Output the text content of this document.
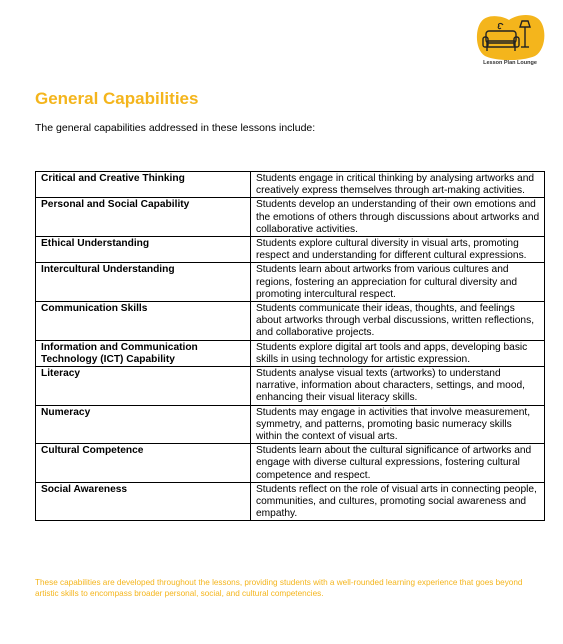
Lesson Plan Lounge
General Capabilities

The general capabilities addressed in these lessons include:

Critical and Creative Thinking	Students engage in critical thinking by analysing artworks and creatively express themselves through art-making activities.
Personal and Social Capability	Students develop an understanding of their own emotions and the emotions of others through discussions about artworks and collaborative activities.
Ethical Understanding	Students explore cultural diversity in visual arts, promoting respect and understanding for different cultural expressions.
Intercultural Understanding	Students learn about artworks from various cultures and regions, fostering an appreciation for cultural diversity and promoting intercultural respect.
Communication Skills	Students communicate their ideas, thoughts, and feelings about artworks through verbal discussions, written reflections, and collaborative projects.
Information and Communication Technology (ICT) Capability	Students explore digital art tools and apps, developing basic skills in using technology for artistic expression.
Literacy	Students analyse visual texts (artworks) to understand narrative, information about characters, settings, and mood, enhancing their visual literacy skills.
Numeracy	Students may engage in activities that involve measurement, symmetry, and patterns, promoting basic numeracy skills within the context of visual arts.
Cultural Competence	Students learn about the cultural significance of artworks and engage with diverse cultural expressions, fostering cultural competence and respect.
Social Awareness	Students reflect on the role of visual arts in connecting people, communities, and cultures, promoting social awareness and empathy.

These capabilities are developed throughout the lessons, providing students with a well-rounded learning experience that goes beyond artistic skills to encompass broader personal, social, and cultural competencies.
